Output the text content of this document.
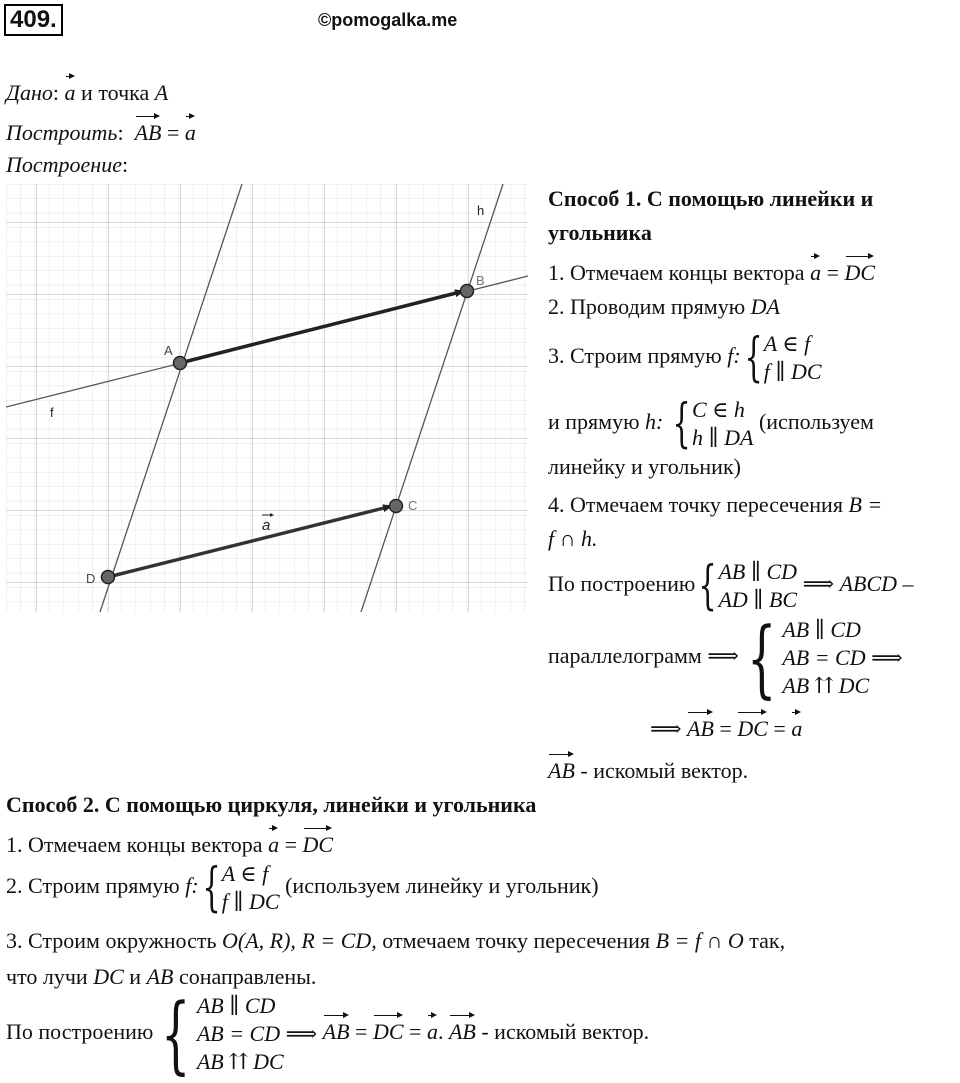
409.	©pomogalka.me
Дано: a и точка A
Построить:  AB = a
Построение:
A
B
C
D
f
h
a
Способ 1. С помощью линейки и
угольника
1. Отмечаем концы вектора a = DC
2. Проводим прямую DA
3. Строим прямую f: { A ∈ f
f ∥ DC
и прямую h: { C ∈ h
h ∥ DA
(используем
линейку и угольник)
4. Отмечаем точку пересечения B =
f ∩ h.
По построению { AB ∥ CD
AD ∥ BC
⟹ ABCD –
параллелограмм ⟹ { AB ∥ CD
AB = CD ⟹
AB ⇈ DC
⟹ AB = DC = a
AB - искомый вектор.
Способ 2. С помощью циркуля, линейки и угольника
1. Отмечаем концы вектора a = DC
2. Строим прямую f: { A ∈ f
f ∥ DC
(используем линейку и угольник)
3. Строим окружность O(A, R), R = CD, отмечаем точку пересечения B = f ∩ O так,
что лучи DC и AB сонаправлены.
По построению { AB ∥ CD
AB = CD ⟹
AB ⇈ DC
AB = DC = a. AB - искомый вектор.
